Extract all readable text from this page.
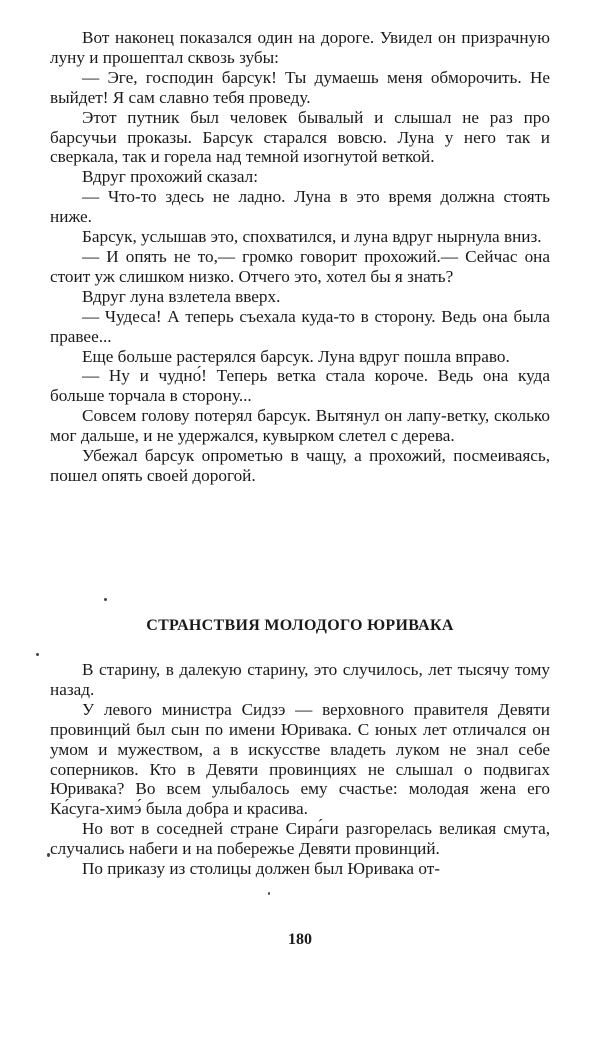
Вот наконец показался один на дороге. Увидел он призрачную луну и прошептал сквозь зубы:

— Эге, господин барсук! Ты думаешь меня обморочить. Не выйдет! Я сам славно тебя проведу.

Этот путник был человек бывалый и слышал не раз про барсучьи проказы. Барсук старался вовсю. Луна у него так и сверкала, так и горела над темной изогнутой веткой.

Вдруг прохожий сказал:

— Что-то здесь не ладно. Луна в это время должна стоять ниже.

Барсук, услышав это, спохватился, и луна вдруг нырнула вниз.

— И опять не то,— громко говорит прохожий.— Сейчас она стоит уж слишком низко. Отчего это, хотел бы я знать?

Вдруг луна взлетела вверх.

— Чудеса! А теперь съехала куда-то в сторону. Ведь она была правее...

Еще больше растерялся барсук. Луна вдруг пошла вправо.

— Ну и чудно́! Теперь ветка стала короче. Ведь она куда больше торчала в сторону...

Совсем голову потерял барсук. Вытянул он лапу-ветку, сколько мог дальше, и не удержался, кувырком слетел с дерева.

Убежал барсук опрометью в чащу, а прохожий, посмеиваясь, пошел опять своей дорогой.

СТРАНСТВИЯ МОЛОДОГО ЮРИВАКА

В старину, в далекую старину, это случилось, лет тысячу тому назад.

У левого министра Сидзэ — верховного правителя Девяти провинций был сын по имени Юривака. С юных лет отличался он умом и мужеством, а в искусстве владеть луком не знал себе соперников. Кто в Девяти провинциях не слышал о подвигах Юривака? Во всем улыбалось ему счастье: молодая жена его Ка́суга-химэ́ была добра и красива.

Но вот в соседней стране Сира́ги разгорелась великая смута, случались набеги и на побережье Девяти провинций.

По приказу из столицы должен был Юривака от-

180
